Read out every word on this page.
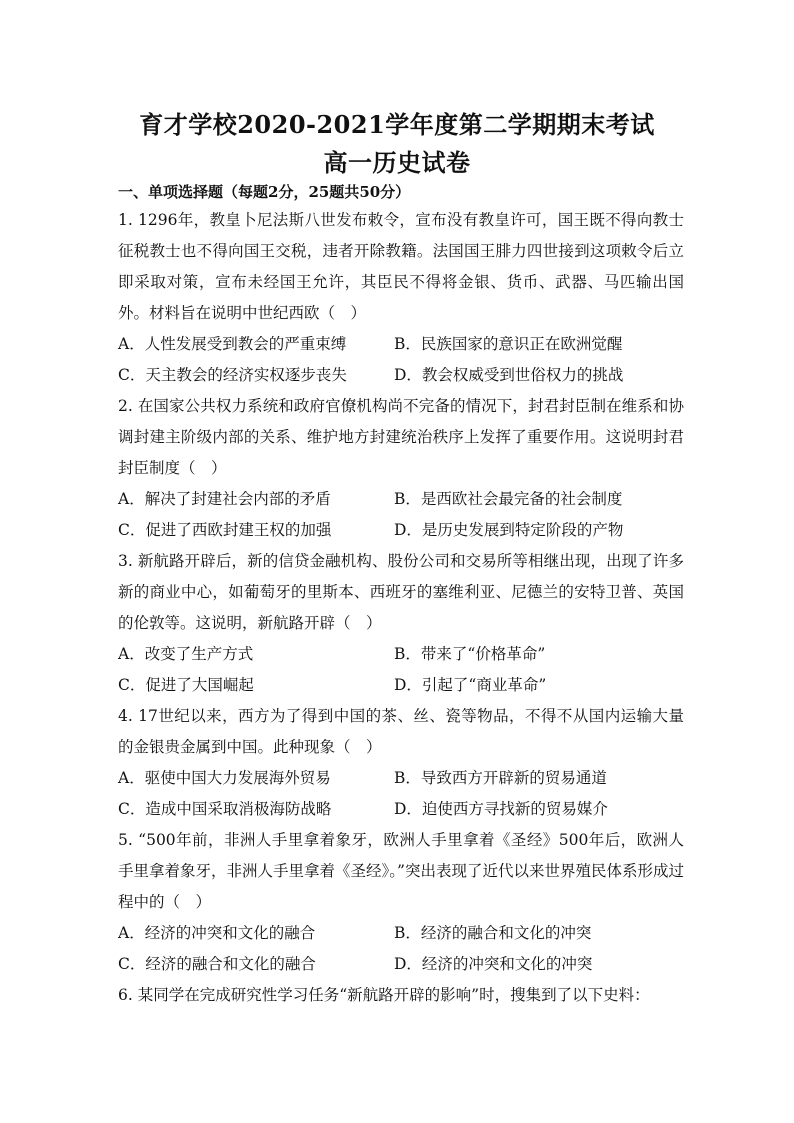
育才学校2020-2021学年度第二学期期末考试
高一历史试卷
一、单项选择题（每题2分，25题共50分）

1. 1296年，教皇卜尼法斯八世发布敕令，宣布没有教皇许可，国王既不得向教士征税教士也不得向国王交税，违者开除教籍。法国国王腓力四世接到这项敕令后立即采取对策，宣布未经国王允许，其臣民不得将金银、货币、武器、马匹输出国外。材料旨在说明中世纪西欧（　）

A．人性发展受到教会的严重束缚	B．民族国家的意识正在欧洲觉醒
C．天主教会的经济实权逐步丧失	D．教会权威受到世俗权力的挑战

2. 在国家公共权力系统和政府官僚机构尚不完备的情况下，封君封臣制在维系和协调封建主阶级内部的关系、维护地方封建统治秩序上发挥了重要作用。这说明封君封臣制度（　）

A．解决了封建社会内部的矛盾	B．是西欧社会最完备的社会制度
C．促进了西欧封建王权的加强	D．是历史发展到特定阶段的产物

3. 新航路开辟后，新的信贷金融机构、股份公司和交易所等相继出现，出现了许多新的商业中心，如葡萄牙的里斯本、西班牙的塞维利亚、尼德兰的安特卫普、英国的伦敦等。这说明，新航路开辟（　）

A．改变了生产方式	B．带来了“价格革命”
C．促进了大国崛起	D．引起了“商业革命”

4. 17世纪以来，西方为了得到中国的茶、丝、瓷等物品，不得不从国内运输大量的金银贵金属到中国。此种现象（　）

A．驱使中国大力发展海外贸易	B．导致西方开辟新的贸易通道
C．造成中国采取消极海防战略	D．迫使西方寻找新的贸易媒介

5. “500年前，非洲人手里拿着象牙，欧洲人手里拿着《圣经》500年后，欧洲人手里拿着象牙，非洲人手里拿着《圣经》。”突出表现了近代以来世界殖民体系形成过程中的（　）

A．经济的冲突和文化的融合	B．经济的融合和文化的冲突
C．经济的融合和文化的融合	D．经济的冲突和文化的冲突

6. 某同学在完成研究性学习任务“新航路开辟的影响”时，搜集到了以下史料：
